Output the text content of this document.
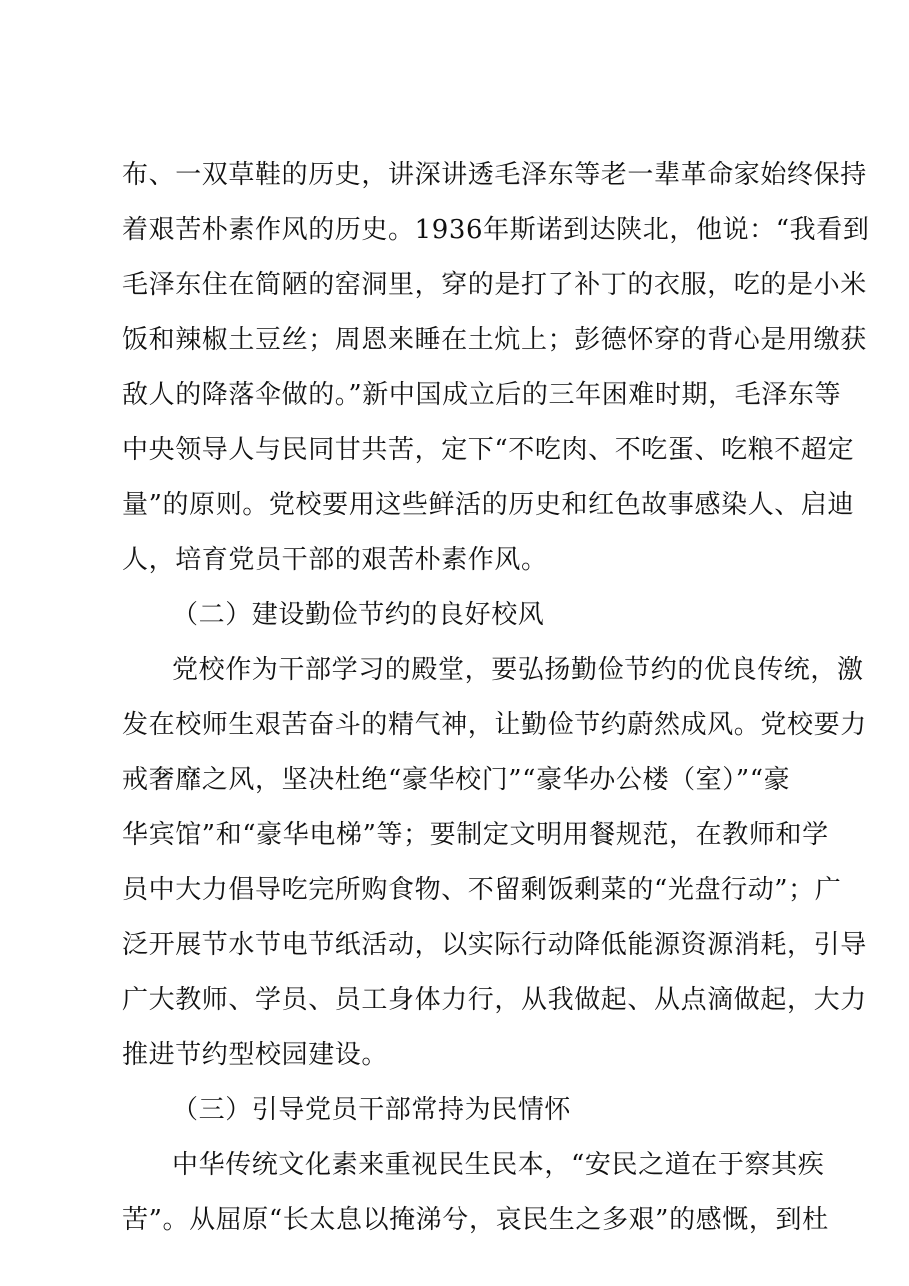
布、一双草鞋的历史，讲深讲透毛泽东等老一辈革命家始终保持
着艰苦朴素作风的历史。1936年斯诺到达陕北，他说：“我看到
毛泽东住在简陋的窑洞里，穿的是打了补丁的衣服，吃的是小米
饭和辣椒土豆丝；周恩来睡在土炕上；彭德怀穿的背心是用缴获
敌人的降落伞做的。”新中国成立后的三年困难时期，毛泽东等
中央领导人与民同甘共苦，定下“不吃肉、不吃蛋、吃粮不超定
量”的原则。党校要用这些鲜活的历史和红色故事感染人、启迪
人，培育党员干部的艰苦朴素作风。
（二）建设勤俭节约的良好校风
党校作为干部学习的殿堂，要弘扬勤俭节约的优良传统，激
发在校师生艰苦奋斗的精气神，让勤俭节约蔚然成风。党校要力
戒奢靡之风，坚决杜绝“豪华校门”“豪华办公楼（室）”“豪
华宾馆”和“豪华电梯”等；要制定文明用餐规范，在教师和学
员中大力倡导吃完所购食物、不留剩饭剩菜的“光盘行动”；广
泛开展节水节电节纸活动，以实际行动降低能源资源消耗，引导
广大教师、学员、员工身体力行，从我做起、从点滴做起，大力
推进节约型校园建设。
（三）引导党员干部常持为民情怀
中华传统文化素来重视民生民本，“安民之道在于察其疾
苦”。从屈原“长太息以掩涕兮，哀民生之多艰”的感慨，到杜
